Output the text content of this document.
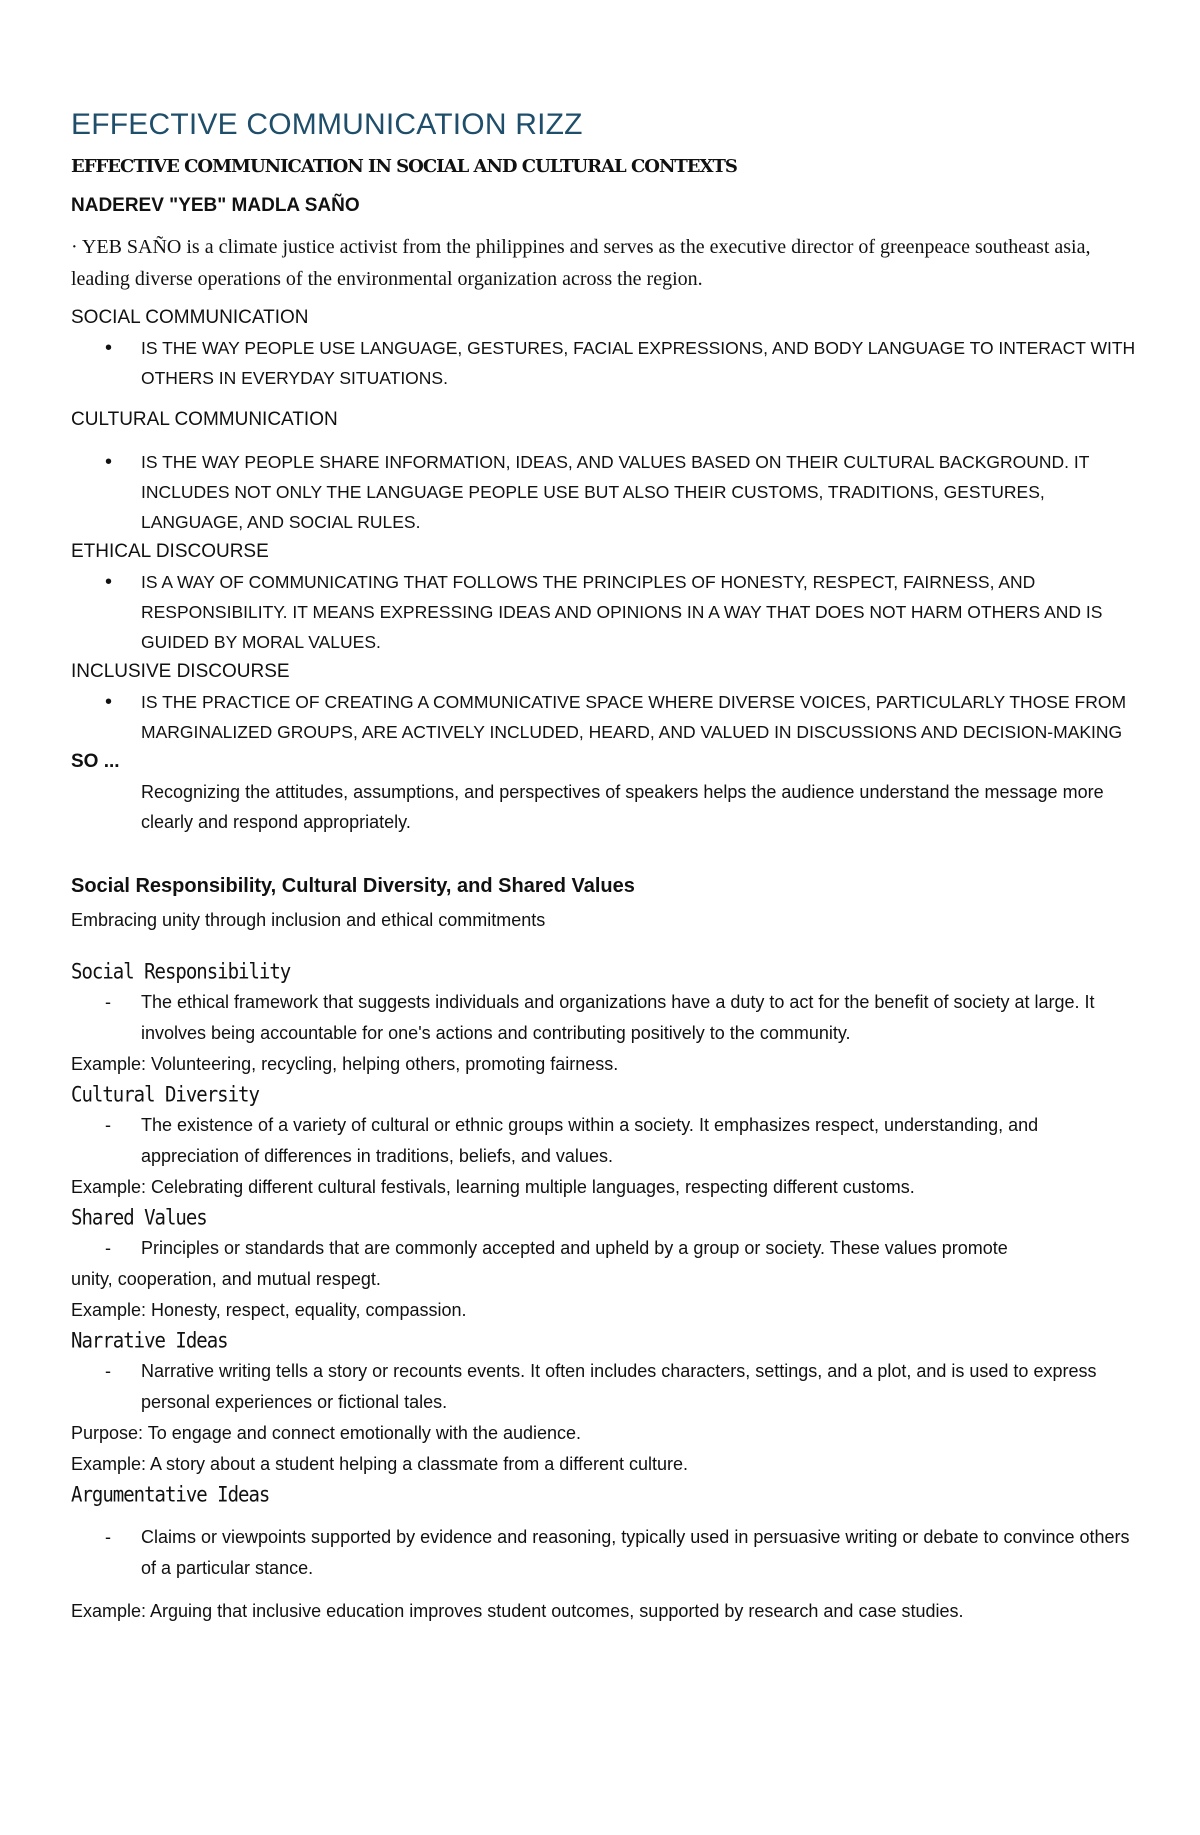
EFFECTIVE COMMUNICATION RIZZ

EFFECTIVE COMMUNICATION IN SOCIAL AND CULTURAL CONTEXTS

NADEREV "YEB" MADLA SAÑO

· YEB SAÑO is a climate justice activist from the philippines and serves as the executive director of greenpeace southeast asia, leading diverse operations of the environmental organization across the region.

SOCIAL COMMUNICATION

• IS THE WAY PEOPLE USE LANGUAGE, GESTURES, FACIAL EXPRESSIONS, AND BODY LANGUAGE TO INTERACT WITH OTHERS IN EVERYDAY SITUATIONS.

CULTURAL COMMUNICATION

• IS THE WAY PEOPLE SHARE INFORMATION, IDEAS, AND VALUES BASED ON THEIR CULTURAL BACKGROUND. IT INCLUDES NOT ONLY THE LANGUAGE PEOPLE USE BUT ALSO THEIR CUSTOMS, TRADITIONS, GESTURES, LANGUAGE, AND SOCIAL RULES.

ETHICAL DISCOURSE

• IS A WAY OF COMMUNICATING THAT FOLLOWS THE PRINCIPLES OF HONESTY, RESPECT, FAIRNESS, AND RESPONSIBILITY. IT MEANS EXPRESSING IDEAS AND OPINIONS IN A WAY THAT DOES NOT HARM OTHERS AND IS GUIDED BY MORAL VALUES.

INCLUSIVE DISCOURSE

• IS THE PRACTICE OF CREATING A COMMUNICATIVE SPACE WHERE DIVERSE VOICES, PARTICULARLY THOSE FROM MARGINALIZED GROUPS, ARE ACTIVELY INCLUDED, HEARD, AND VALUED IN DISCUSSIONS AND DECISION-MAKING

SO ...

Recognizing the attitudes, assumptions, and perspectives of speakers helps the audience understand the message more clearly and respond appropriately.

Social Responsibility, Cultural Diversity, and Shared Values

Embracing unity through inclusion and ethical commitments

Social Responsibility

- The ethical framework that suggests individuals and organizations have a duty to act for the benefit of society at large. It involves being accountable for one's actions and contributing positively to the community.

Example: Volunteering, recycling, helping others, promoting fairness.

Cultural Diversity

- The existence of a variety of cultural or ethnic groups within a society. It emphasizes respect, understanding, and appreciation of differences in traditions, beliefs, and values.

Example: Celebrating different cultural festivals, learning multiple languages, respecting different customs.

Shared Values

- Principles or standards that are commonly accepted and upheld by a group or society. These values promote

unity, cooperation, and mutual respegt.

Example: Honesty, respect, equality, compassion.

Narrative Ideas

- Narrative writing tells a story or recounts events. It often includes characters, settings, and a plot, and is used to express personal experiences or fictional tales.

Purpose: To engage and connect emotionally with the audience.

Example: A story about a student helping a classmate from a different culture.

Argumentative Ideas

- Claims or viewpoints supported by evidence and reasoning, typically used in persuasive writing or debate to convince others of a particular stance.

Example: Arguing that inclusive education improves student outcomes, supported by research and case studies.
